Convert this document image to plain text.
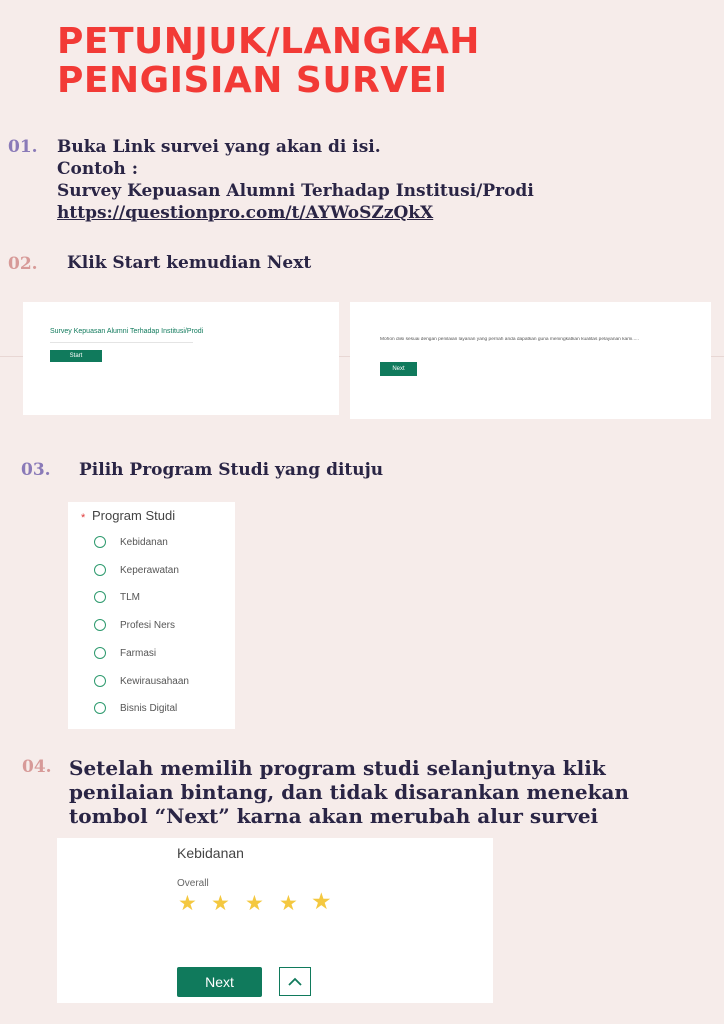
PETUNJUK/LANGKAH
PENGISIAN SURVEI
01. Buka Link survei yang akan di isi.
Contoh :
Survey Kepuasan Alumni Terhadap Institusi/Prodi
https://questionpro.com/t/AYWoSZzQkX
02. Klik Start kemudian Next
Survey Kepuasan Alumni Terhadap Institusi/Prodi
Start
Mohon diisi sesuai dengan penilaian layanan yang pernah anda dapatkan guna meningkatkan kualitas pelayanan kami.....
Next
03. Pilih Program Studi yang dituju
* Program Studi
Kebidanan
Keperawatan
TLM
Profesi Ners
Farmasi
Kewirausahaan
Bisnis Digital
04. Setelah memilih program studi selanjutnya klik
penilaian bintang, dan tidak disarankan menekan
tombol “Next” karna akan merubah alur survei
Kebidanan
Overall
★ ★ ★ ★ ★
Next
